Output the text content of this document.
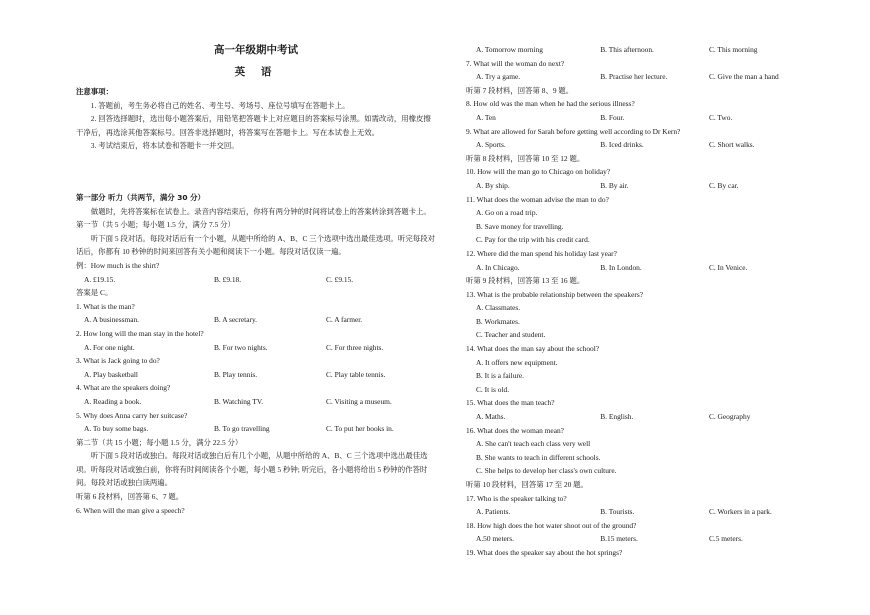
高一年级期中考试
英 语
注意事项：
1. 答题前，考生务必将自己的姓名、考生号、考场号、座位号填写在答题卡上。
2. 回答选择题时，选出每小题答案后，用铅笔把答题卡上对应题目的答案标号涂黑。如需改动，用橡皮擦干净后，再选涂其他答案标号。回答非选择题时，将答案写在答题卡上。写在本试卷上无效。
3. 考试结束后，将本试卷和答题卡一并交回。
第一部分 听力（共两节，满分 30 分）
做题时，先将答案标在试卷上。录音内容结束后，你将有两分钟的时间将试卷上的答案转涂到答题卡上。
第一节（共 5 小题；每小题 1.5 分，满分 7.5 分）
听下面 5 段对话。每段对话后有一个小题，从题中所给的 A、B、C 三个选项中选出最佳选项。听完每段对话后，你都有 10 秒钟的时间来回答有关小题和阅读下一小题。每段对话仅读一遍。
例：How much is the shirt?
A. £19.15.	B. £9.18.	C. £9.15.
答案是 C。
1. What is the man?
A. A businessman.	B. A secretary.	C. A farmer.
2. How long will the man stay in the hotel?
A. For one night.	B. For two nights.	C. For three nights.
3. What is Jack going to do?
A. Play basketball	B. Play tennis.	C. Play table tennis.
4. What are the speakers doing?
A. Reading a book.	B. Watching TV.	C. Visiting a museum.
5. Why does Anna carry her suitcase?
A. To buy some bags.	B. To go travelling	C. To put her books in.
第二节（共 15 小题；每小题 1.5 分，满分 22.5 分）
听下面 5 段对话或独白。每段对话或独白后有几个小题，从题中所给的 A、B、C 三个选项中选出最佳选项。听每段对话或独白前，你将有时间阅读各个小题，每小题 5 秒钟; 听完后，各小题将给出 5 秒钟的作答时间。每段对话或独白读两遍。
听第 6 段材料，回答第 6、7 题。
6. When will the man give a speech?
A. Tomorrow morning	B. This afternoon.	C. This morning
7. What will the woman do next?
A. Try a game.	B. Practise her lecture.	C. Give the man a hand
听第 7 段材料，回答第 8、9 题。
8. How old was the man when he had the serious illness?
A. Ten	B. Four.	C. Two.
9. What are allowed for Sarah before getting well according to Dr Kern?
A. Sports.	B. Iced drinks.	C. Short walks.
听第 8 段材料，回答第 10 至 12 题。
10. How will the man go to Chicago on holiday?
A. By ship.	B. By air.	C. By car.
11. What does the woman advise the man to do?
A. Go on a road trip.
B. Save money for travelling.
C. Pay for the trip with his credit card.
12. Where did the man spend his holiday last year?
A. In Chicago.	B. In London.	C. In Venice.
听第 9 段材料，回答第 13 至 16 题。
13. What is the probable relationship between the speakers?
A. Classmates.
B. Workmates.
C. Teacher and student.
14. What does the man say about the school?
A. It offers new equipment.
B. It is a failure.
C. It is old.
15. What does the man teach?
A. Maths.	B. English.	C. Geography
16. What does the woman mean?
A. She can't teach each class very well
B. She wants to teach in different schools.
C. She helps to develop her class's own culture.
听第 10 段材料，回答第 17 至 20 题。
17. Who is the speaker talking to?
A. Patients.	B. Tourists.	C. Workers in a park.
18. How high does the hot water shoot out of the ground?
A.50 meters.	B.15 meters.	C.5 meters.
19. What does the speaker say about the hot springs?
